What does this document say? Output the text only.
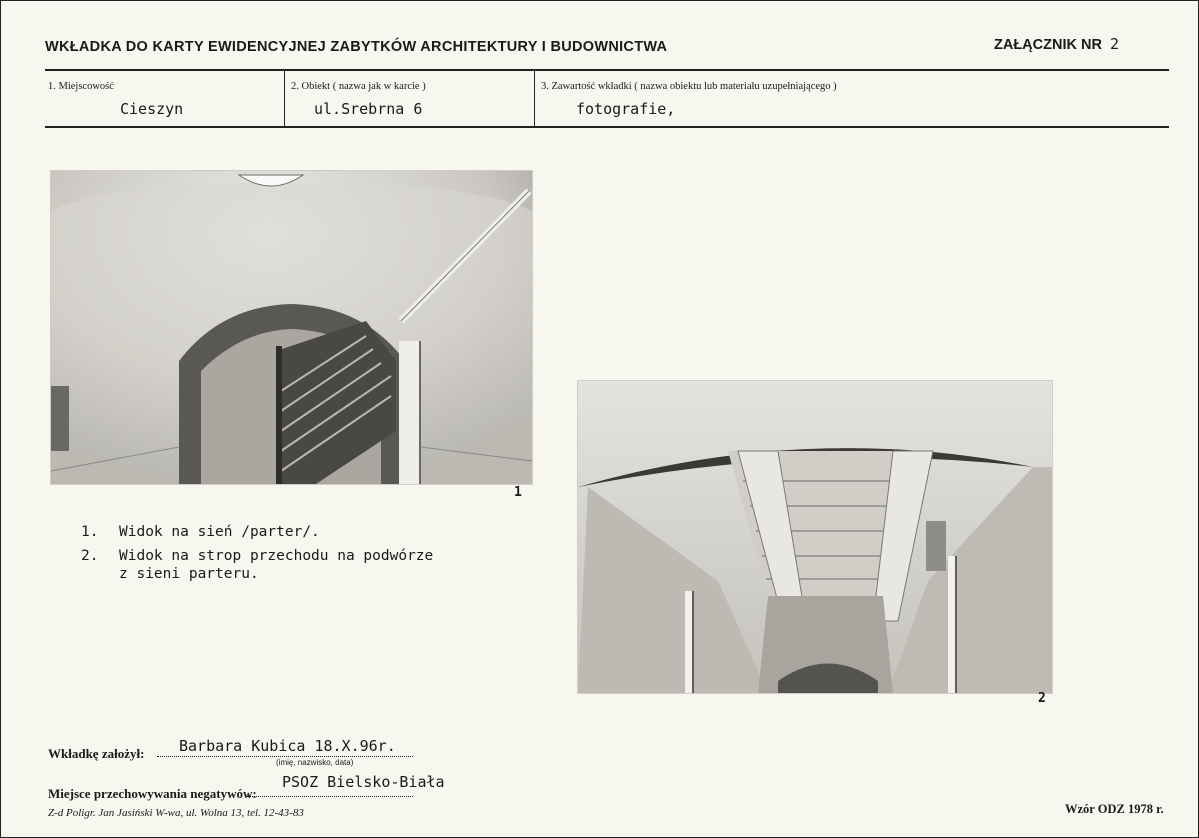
WKŁADKA DO KARTY EWIDENCYJNEJ ZABYTKÓW ARCHITEKTURY I BUDOWNICTWA	ZAŁĄCZNIK NR 2
1. Miejscowość
Cieszyn
2. Obiekt ( nazwa jak w karcie )
ul.Srebrna 6
3. Zawartość wkładki ( nazwa obiektu lub materiału uzupełniającego )
fotografie,
1
2
1.	Widok na sień /parter/.
2.	Widok na strop przechodu na podwórze
z sieni parteru.
Wkładkę założył: Barbara Kubica 18.X.96r.
(imię, nazwisko, data)
Miejsce przechowywania negatywów:
PSOZ Bielsko-Biała
Z-d Poligr. Jan Jasiński W-wa, ul. Wolna 13, tel. 12-43-83	Wzór ODZ 1978 r.
